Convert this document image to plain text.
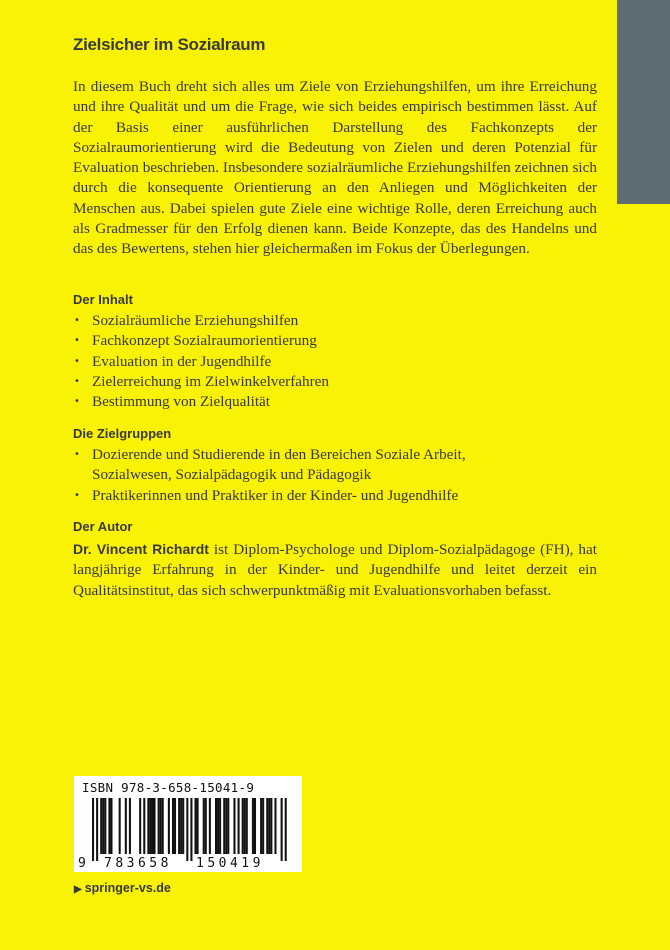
Zielsicher im Sozialraum

In diesem Buch dreht sich alles um Ziele von Erziehungshilfen, um ihre Erreichung und ihre Qualität und um die Frage, wie sich beides empirisch bestimmen lässt. Auf der Basis einer ausführlichen Darstellung des Fachkonzepts der Sozialraumorientierung wird die Bedeutung von Zielen und deren Potenzial für Evaluation beschrieben. Insbesondere sozialräumliche Erziehungshilfen zeichnen sich durch die konsequente Orientierung an den Anliegen und Möglichkeiten der Menschen aus. Dabei spielen gute Ziele eine wichtige Rolle, deren Erreichung auch als Gradmesser für den Erfolg dienen kann. Beide Konzepte, das des Handelns und das des Bewertens, stehen hier gleichermaßen im Fokus der Überlegungen.

Der Inhalt
• Sozialräumliche Erziehungshilfen
• Fachkonzept Sozialraumorientierung
• Evaluation in der Jugendhilfe
• Zielerreichung im Zielwinkelverfahren
• Bestimmung von Zielqualität
Die Zielgruppen
• Dozierende und Studierende in den Bereichen Soziale Arbeit, Sozialwesen, Sozialpädagogik und Pädagogik
• Praktikerinnen und Praktiker in der Kinder- und Jugendhilfe
Der Autor

Dr. Vincent Richardt ist Diplom-Psychologe und Diplom-Sozialpädagoge (FH), hat langjährige Erfahrung in der Kinder- und Jugendhilfe und leitet derzeit ein Qualitätsinstitut, das sich schwerpunktmäßig mit Evaluationsvorhaben befasst.

9 783658 150419
ISBN 978-3-658-15041-9
▶ springer-vs.de
